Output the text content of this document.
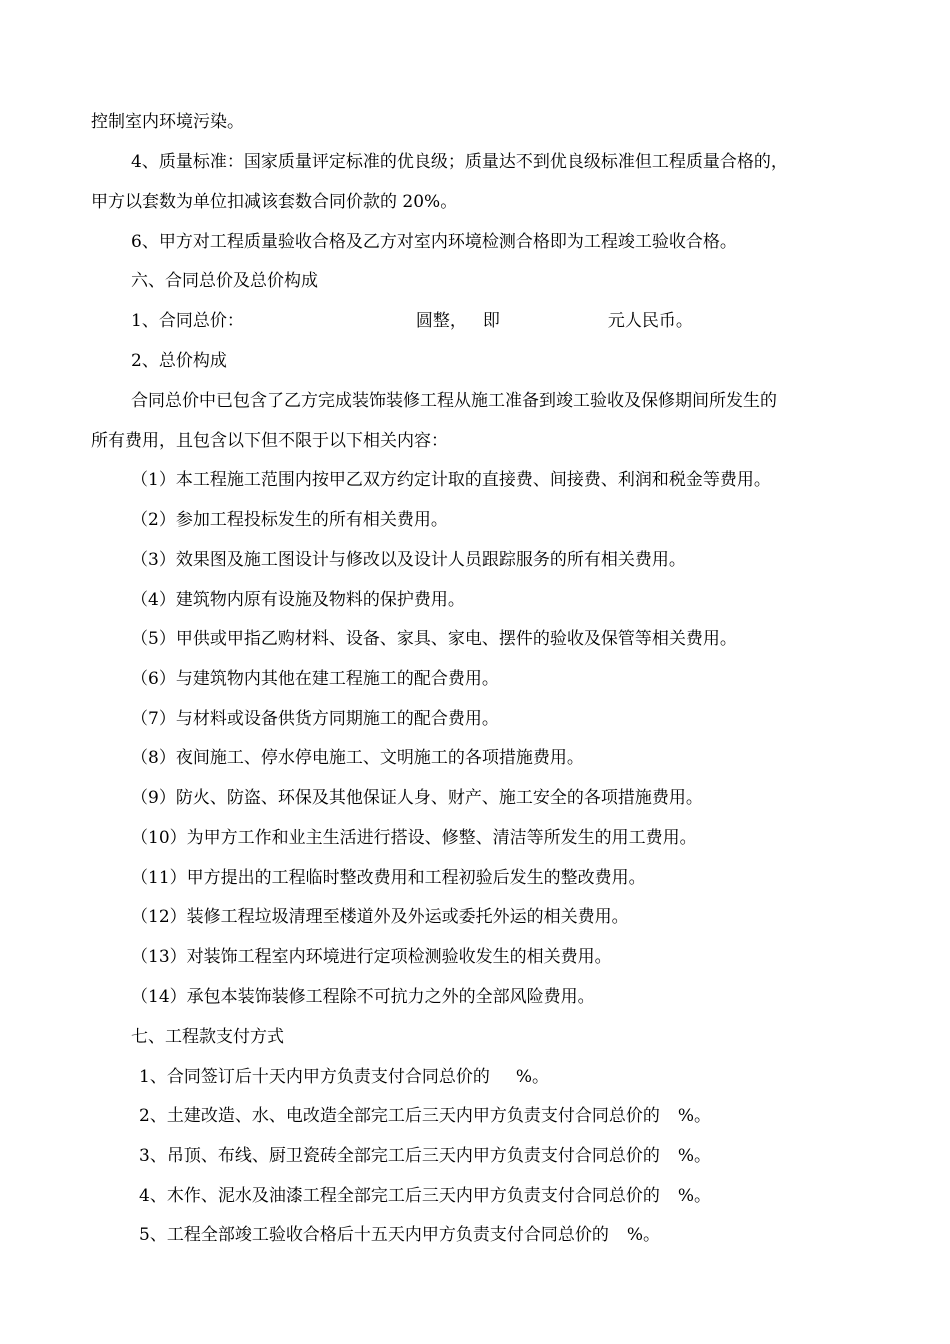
控制室内环境污染。
4、质量标准：国家质量评定标准的优良级；质量达不到优良级标准但工程质量合格的，
甲方以套数为单位扣减该套数合同价款的 20%。
6、甲方对工程质量验收合格及乙方对室内环境检测合格即为工程竣工验收合格。
六、合同总价及总价构成
1、合同总价：	圆整， 即	元人民币。
2、总价构成
合同总价中已包含了乙方完成装饰装修工程从施工准备到竣工验收及保修期间所发生的
所有费用，且包含以下但不限于以下相关内容：
（1）本工程施工范围内按甲乙双方约定计取的直接费、间接费、利润和税金等费用。
（2）参加工程投标发生的所有相关费用。
（3）效果图及施工图设计与修改以及设计人员跟踪服务的所有相关费用。
（4）建筑物内原有设施及物料的保护费用。
（5）甲供或甲指乙购材料、设备、家具、家电、摆件的验收及保管等相关费用。
（6）与建筑物内其他在建工程施工的配合费用。
（7）与材料或设备供货方同期施工的配合费用。
（8）夜间施工、停水停电施工、文明施工的各项措施费用。
（9）防火、防盗、环保及其他保证人身、财产、施工安全的各项措施费用。
（10）为甲方工作和业主生活进行搭设、修整、清洁等所发生的用工费用。
（11）甲方提出的工程临时整改费用和工程初验后发生的整改费用。
（12）装修工程垃圾清理至楼道外及外运或委托外运的相关费用。
（13）对装饰工程室内环境进行定项检测验收发生的相关费用。
（14）承包本装饰装修工程除不可抗力之外的全部风险费用。
七、工程款支付方式
1、合同签订后十天内甲方负责支付合同总价的 %。
2、土建改造、水、电改造全部完工后三天内甲方负责支付合同总价的 %。
3、吊顶、布线、厨卫瓷砖全部完工后三天内甲方负责支付合同总价的 %。
4、木作、泥水及油漆工程全部完工后三天内甲方负责支付合同总价的 %。
5、工程全部竣工验收合格后十五天内甲方负责支付合同总价的 %。
